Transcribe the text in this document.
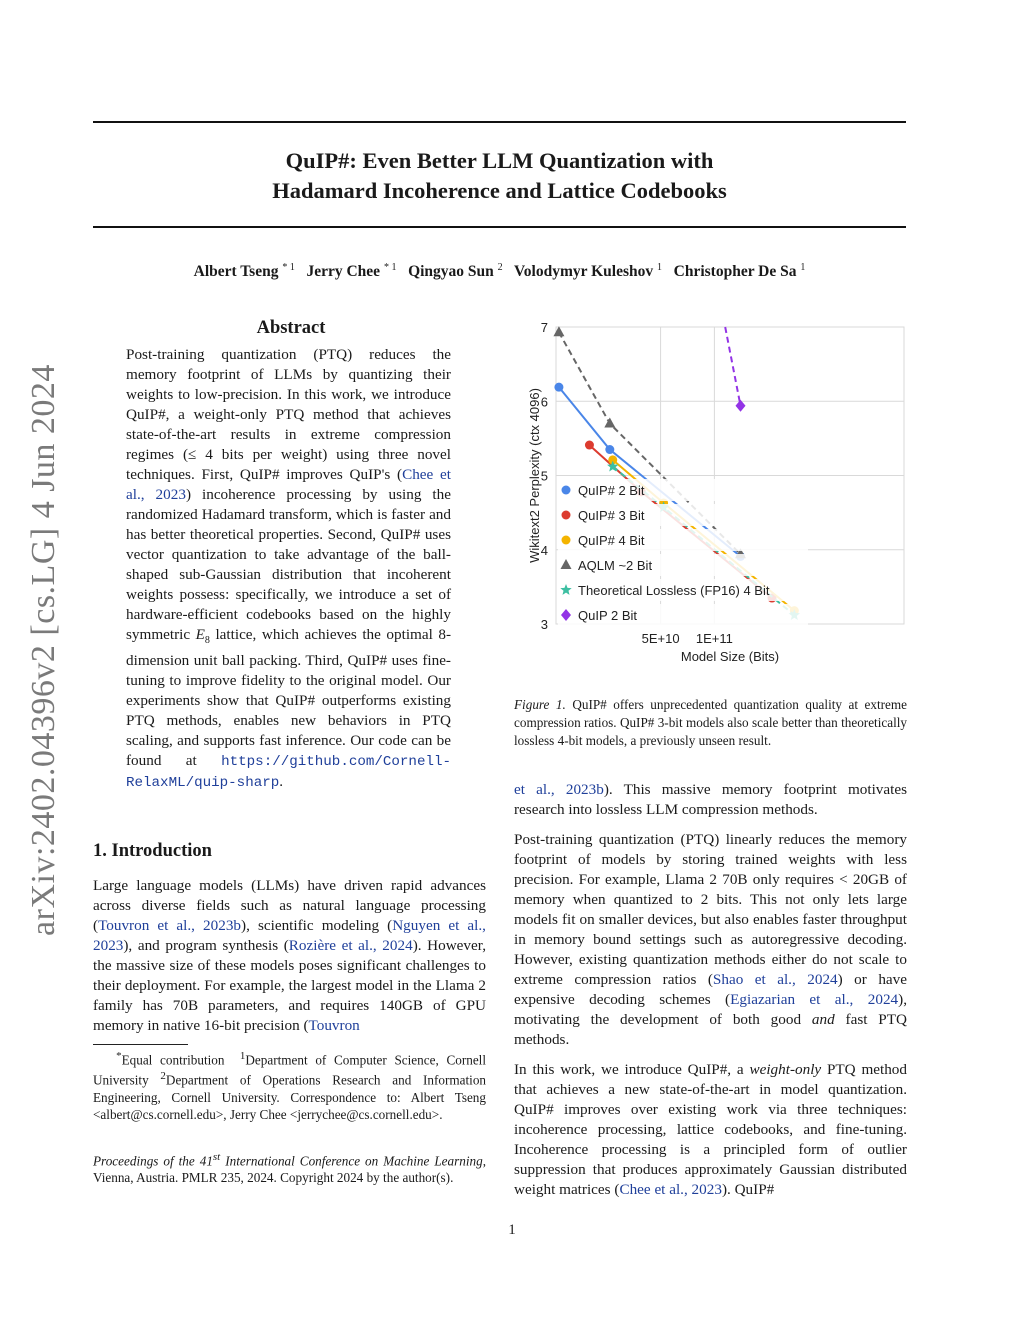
arXiv:2402.04396v2 [cs.LG] 4 Jun 2024
QuIP#: Even Better LLM Quantization with
Hadamard Incoherence and Lattice Codebooks
Albert Tseng $^{* 1}$ Jerry Chee $^{* 1}$ Qingyao Sun $^2$ Volodymyr Kuleshov $^1$ Christopher De Sa $^1$
Abstract

Post-training quantization (PTQ) reduces the memory footprint of LLMs by quantizing their weights to low-precision. In this work, we introduce QuIP#, a weight-only PTQ method that achieves state-of-the-art results in extreme compression regimes (≤ 4 bits per weight) using three novel techniques. First, QuIP# improves QuIP's (Chee et al., 2023) incoherence processing by using the randomized Hadamard transform, which is faster and has better theoretical properties. Second, QuIP# uses vector quantization to take advantage of the ball-shaped sub-Gaussian distribution that incoherent weights possess: specifically, we introduce a set of hardware-efficient codebooks based on the highly symmetric $E_8$ lattice, which achieves the optimal 8-dimension unit ball packing. Third, QuIP# uses fine-tuning to improve fidelity to the original model. Our experiments show that QuIP# outperforms existing PTQ methods, enables new behaviors in PTQ scaling, and supports fast inference. Our code can be found at https://github.com/Cornell-RelaxML/quip-sharp.

1. Introduction

Large language models (LLMs) have driven rapid advances across diverse fields such as natural language processing (Touvron et al., 2023b), scientific modeling (Nguyen et al., 2023), and program synthesis (Rozière et al., 2024). However, the massive size of these models poses significant challenges to their deployment. For example, the largest model in the Llama 2 family has 70B parameters, and requires 140GB of GPU memory in native 16-bit precision (Touvron

*Equal contribution $^1$Department of Computer Science, Cornell University $^2$Department of Operations Research and Information Engineering, Cornell University. Correspondence to: Albert Tseng <albert@cs.cornell.edu>, Jerry Chee <jerrychee@cs.cornell.edu>.
Proceedings of the 41st International Conference on Machine Learning, Vienna, Austria. PMLR 235, 2024. Copyright 2024 by the author(s).
3
4
5
6
7
5E+10 1E+11
Model Size (Bits)
Wikitext2 Perplexity (ctx 4096)	QuIP# 2 Bit
QuIP# 3 Bit
QuIP# 4 Bit
AQLM ~2 Bit
Theoretical Lossless (FP16) 4 Bit
QuIP 2 Bit
Figure 1. QuIP# offers unprecedented quantization quality at extreme compression ratios. QuIP# 3-bit models also scale better than theoretically lossless 4-bit models, a previously unseen result.

et al., 2023b). This massive memory footprint motivates research into lossless LLM compression methods.

Post-training quantization (PTQ) linearly reduces the memory footprint of models by storing trained weights with less precision. For example, Llama 2 70B only requires < 20GB of memory when quantized to 2 bits. This not only lets large models fit on smaller devices, but also enables faster throughput in memory bound settings such as autoregressive decoding. However, existing quantization methods either do not scale to extreme compression ratios (Shao et al., 2024) or have expensive decoding schemes (Egiazarian et al., 2024), motivating the development of both good and fast PTQ methods.

In this work, we introduce QuIP#, a weight-only PTQ method that achieves a new state-of-the-art in model quantization. QuIP# improves over existing work via three techniques: incoherence processing, lattice codebooks, and fine-tuning. Incoherence processing is a principled form of outlier suppression that produces approximately Gaussian distributed weight matrices (Chee et al., 2023). QuIP#

1
